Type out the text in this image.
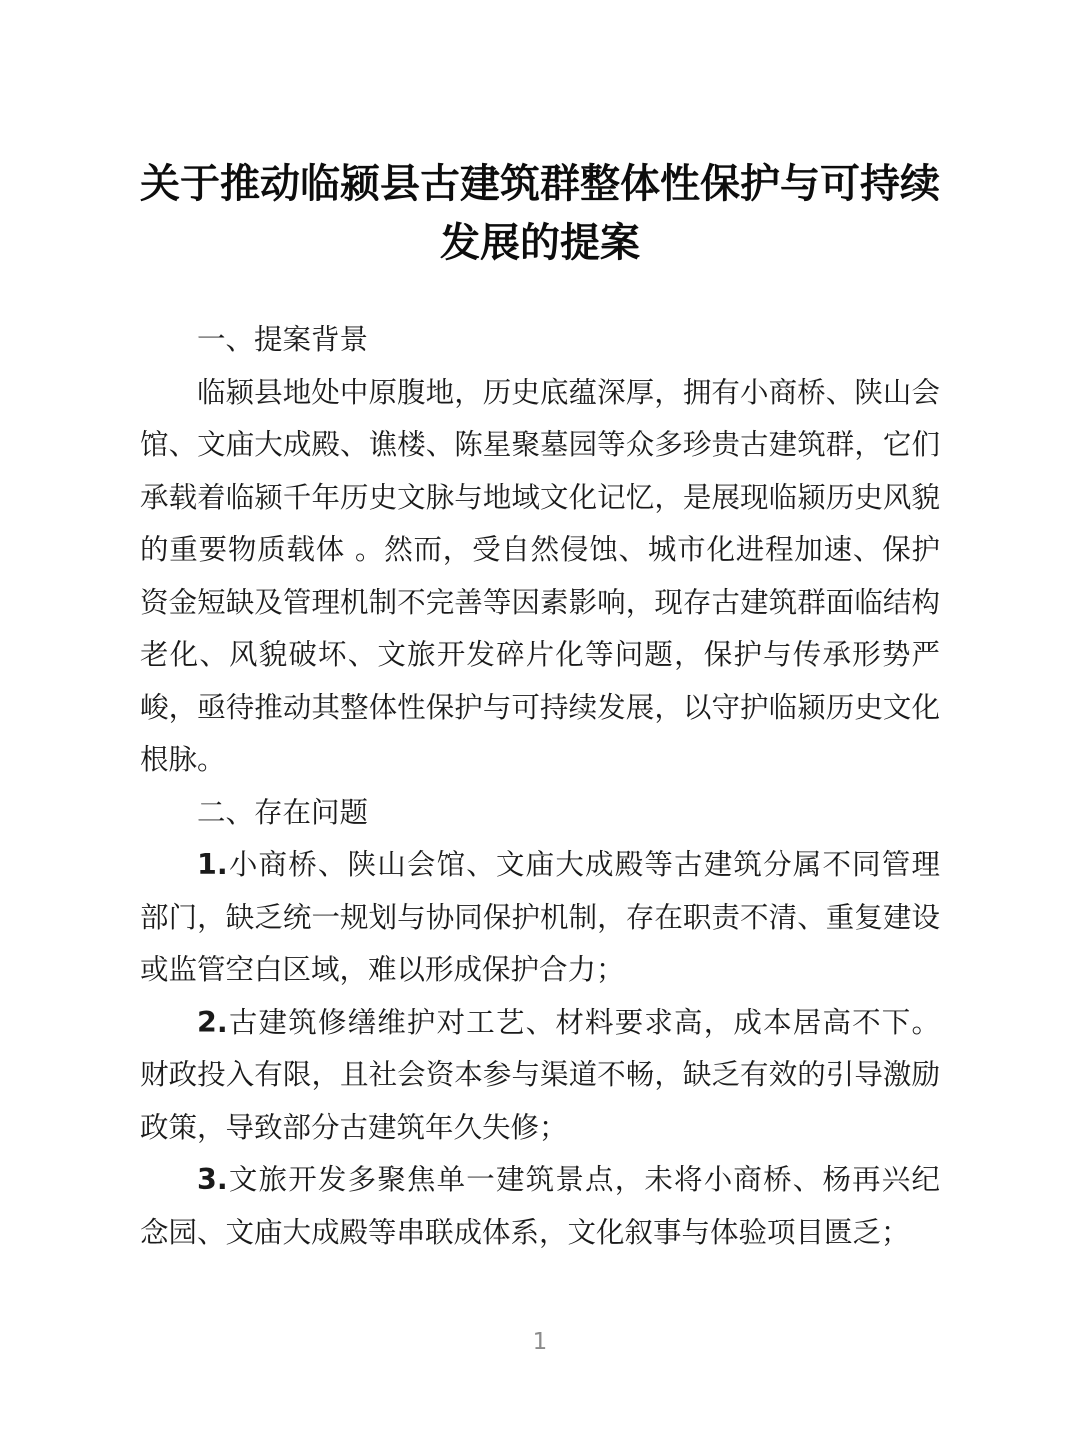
关于推动临颍县古建筑群整体性保护与可持续发展的提案

一、提案背景

临颍县地处中原腹地，历史底蕴深厚，拥有小商桥、陕山会馆、文庙大成殿、谯楼、陈星聚墓园等众多珍贵古建筑群，它们承载着临颍千年历史文脉与地域文化记忆，是展现临颍历史风貌的重要物质载体 。然而，受自然侵蚀、城市化进程加速、保护资金短缺及管理机制不完善等因素影响，现存古建筑群面临结构老化、风貌破坏、文旅开发碎片化等问题，保护与传承形势严峻，亟待推动其整体性保护与可持续发展，以守护临颍历史文化根脉。

二、存在问题

1.小商桥、陕山会馆、文庙大成殿等古建筑分属不同管理部门，缺乏统一规划与协同保护机制，存在职责不清、重复建设或监管空白区域，难以形成保护合力；

2.古建筑修缮维护对工艺、材料要求高，成本居高不下。财政投入有限，且社会资本参与渠道不畅，缺乏有效的引导激励政策，导致部分古建筑年久失修；

3.文旅开发多聚焦单一建筑景点，未将小商桥、杨再兴纪念园、文庙大成殿等串联成体系，文化叙事与体验项目匮乏；

1
